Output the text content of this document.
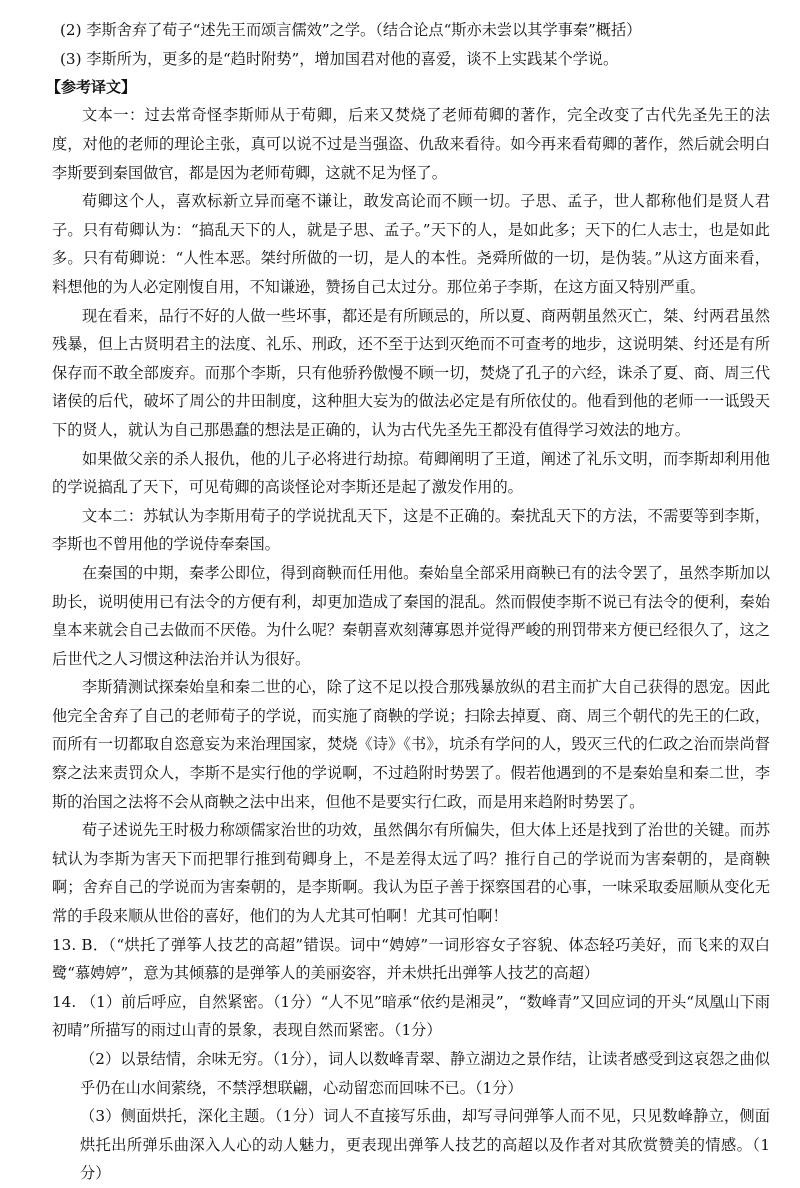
(2) 李斯舍弃了荀子“述先王而颂言儒效”之学。（结合论点“斯亦未尝以其学事秦”概括）
(3) 李斯所为，更多的是“趋时附势”，增加国君对他的喜爱，谈不上实践某个学说。
【参考译文】

文本一：过去常奇怪李斯师从于荀卿，后来又焚烧了老师荀卿的著作，完全改变了古代先圣先王的法度，对他的老师的理论主张，真可以说不过是当强盗、仇敌来看待。如今再来看荀卿的著作，然后就会明白李斯要到秦国做官，都是因为老师荀卿，这就不足为怪了。

荀卿这个人，喜欢标新立异而毫不谦让，敢发高论而不顾一切。子思、孟子，世人都称他们是贤人君子。只有荀卿认为：“搞乱天下的人，就是子思、孟子。”天下的人，是如此多；天下的仁人志士，也是如此多。只有荀卿说：“人性本恶。桀纣所做的一切，是人的本性。尧舜所做的一切，是伪装。”从这方面来看，料想他的为人必定刚愎自用，不知谦逊，赞扬自己太过分。那位弟子李斯，在这方面又特别严重。

现在看来，品行不好的人做一些坏事，都还是有所顾忌的，所以夏、商两朝虽然灭亡，桀、纣两君虽然残暴，但上古贤明君主的法度、礼乐、刑政，还不至于达到灭绝而不可查考的地步，这说明桀、纣还是有所保存而不敢全部废弃。而那个李斯，只有他骄矜傲慢不顾一切，焚烧了孔子的六经，诛杀了夏、商、周三代诸侯的后代，破坏了周公的井田制度，这种胆大妄为的做法必定是有所依仗的。他看到他的老师一一诋毁天下的贤人，就认为自己那愚蠢的想法是正确的，认为古代先圣先王都没有值得学习效法的地方。

如果做父亲的杀人报仇，他的儿子必将进行劫掠。荀卿阐明了王道，阐述了礼乐文明，而李斯却利用他的学说搞乱了天下，可见荀卿的高谈怪论对李斯还是起了激发作用的。

文本二：苏轼认为李斯用荀子的学说扰乱天下，这是不正确的。秦扰乱天下的方法，不需要等到李斯，李斯也不曾用他的学说侍奉秦国。

在秦国的中期，秦孝公即位，得到商鞅而任用他。秦始皇全部采用商鞅已有的法令罢了，虽然李斯加以助长，说明使用已有法令的方便有利，却更加造成了秦国的混乱。然而假使李斯不说已有法令的便利，秦始皇本来就会自己去做而不厌倦。为什么呢？秦朝喜欢刻薄寡恩并觉得严峻的刑罚带来方便已经很久了，这之后世代之人习惯这种法治并认为很好。

李斯猜测试探秦始皇和秦二世的心，除了这不足以投合那残暴放纵的君主而扩大自己获得的恩宠。因此他完全舍弃了自己的老师荀子的学说，而实施了商鞅的学说；扫除去掉夏、商、周三个朝代的先王的仁政，而所有一切都取自恣意妄为来治理国家，焚烧《诗》《书》，坑杀有学问的人，毁灭三代的仁政之治而崇尚督察之法来责罚众人，李斯不是实行他的学说啊，不过趋附时势罢了。假若他遇到的不是秦始皇和秦二世，李斯的治国之法将不会从商鞅之法中出来，但他不是要实行仁政，而是用来趋附时势罢了。

荀子述说先王时极力称颂儒家治世的功效，虽然偶尔有所偏失，但大体上还是找到了治世的关键。而苏轼认为李斯为害天下而把罪行推到荀卿身上，不是差得太远了吗？推行自己的学说而为害秦朝的，是商鞅啊；舍弃自己的学说而为害秦朝的，是李斯啊。我认为臣子善于探察国君的心事，一味采取委屈顺从变化无常的手段来顺从世俗的喜好，他们的为人尤其可怕啊！尤其可怕啊！

13. B．（“烘托了弹筝人技艺的高超”错误。词中“娉婷”一词形容女子容貌、体态轻巧美好，而飞来的双白鹭“慕娉婷”，意为其倾慕的是弹筝人的美丽姿容，并未烘托出弹筝人技艺的高超）

14. （1）前后呼应，自然紧密。（1分）“人不见”暗承“依约是湘灵”，“数峰青”又回应词的开头“凤凰山下雨初晴”所描写的雨过山青的景象，表现自然而紧密。（1分）

（2）以景结情，余味无穷。（1分），词人以数峰青翠、静立湖边之景作结，让读者感受到这哀怨之曲似乎仍在山水间萦绕，不禁浮想联翩，心动留恋而回味不已。（1分）

（3）侧面烘托，深化主题。（1分）词人不直接写乐曲，却写寻问弹筝人而不见，只见数峰静立，侧面烘托出所弹乐曲深入人心的动人魅力，更表现出弹筝人技艺的高超以及作者对其欣赏赞美的情感。（1分）
